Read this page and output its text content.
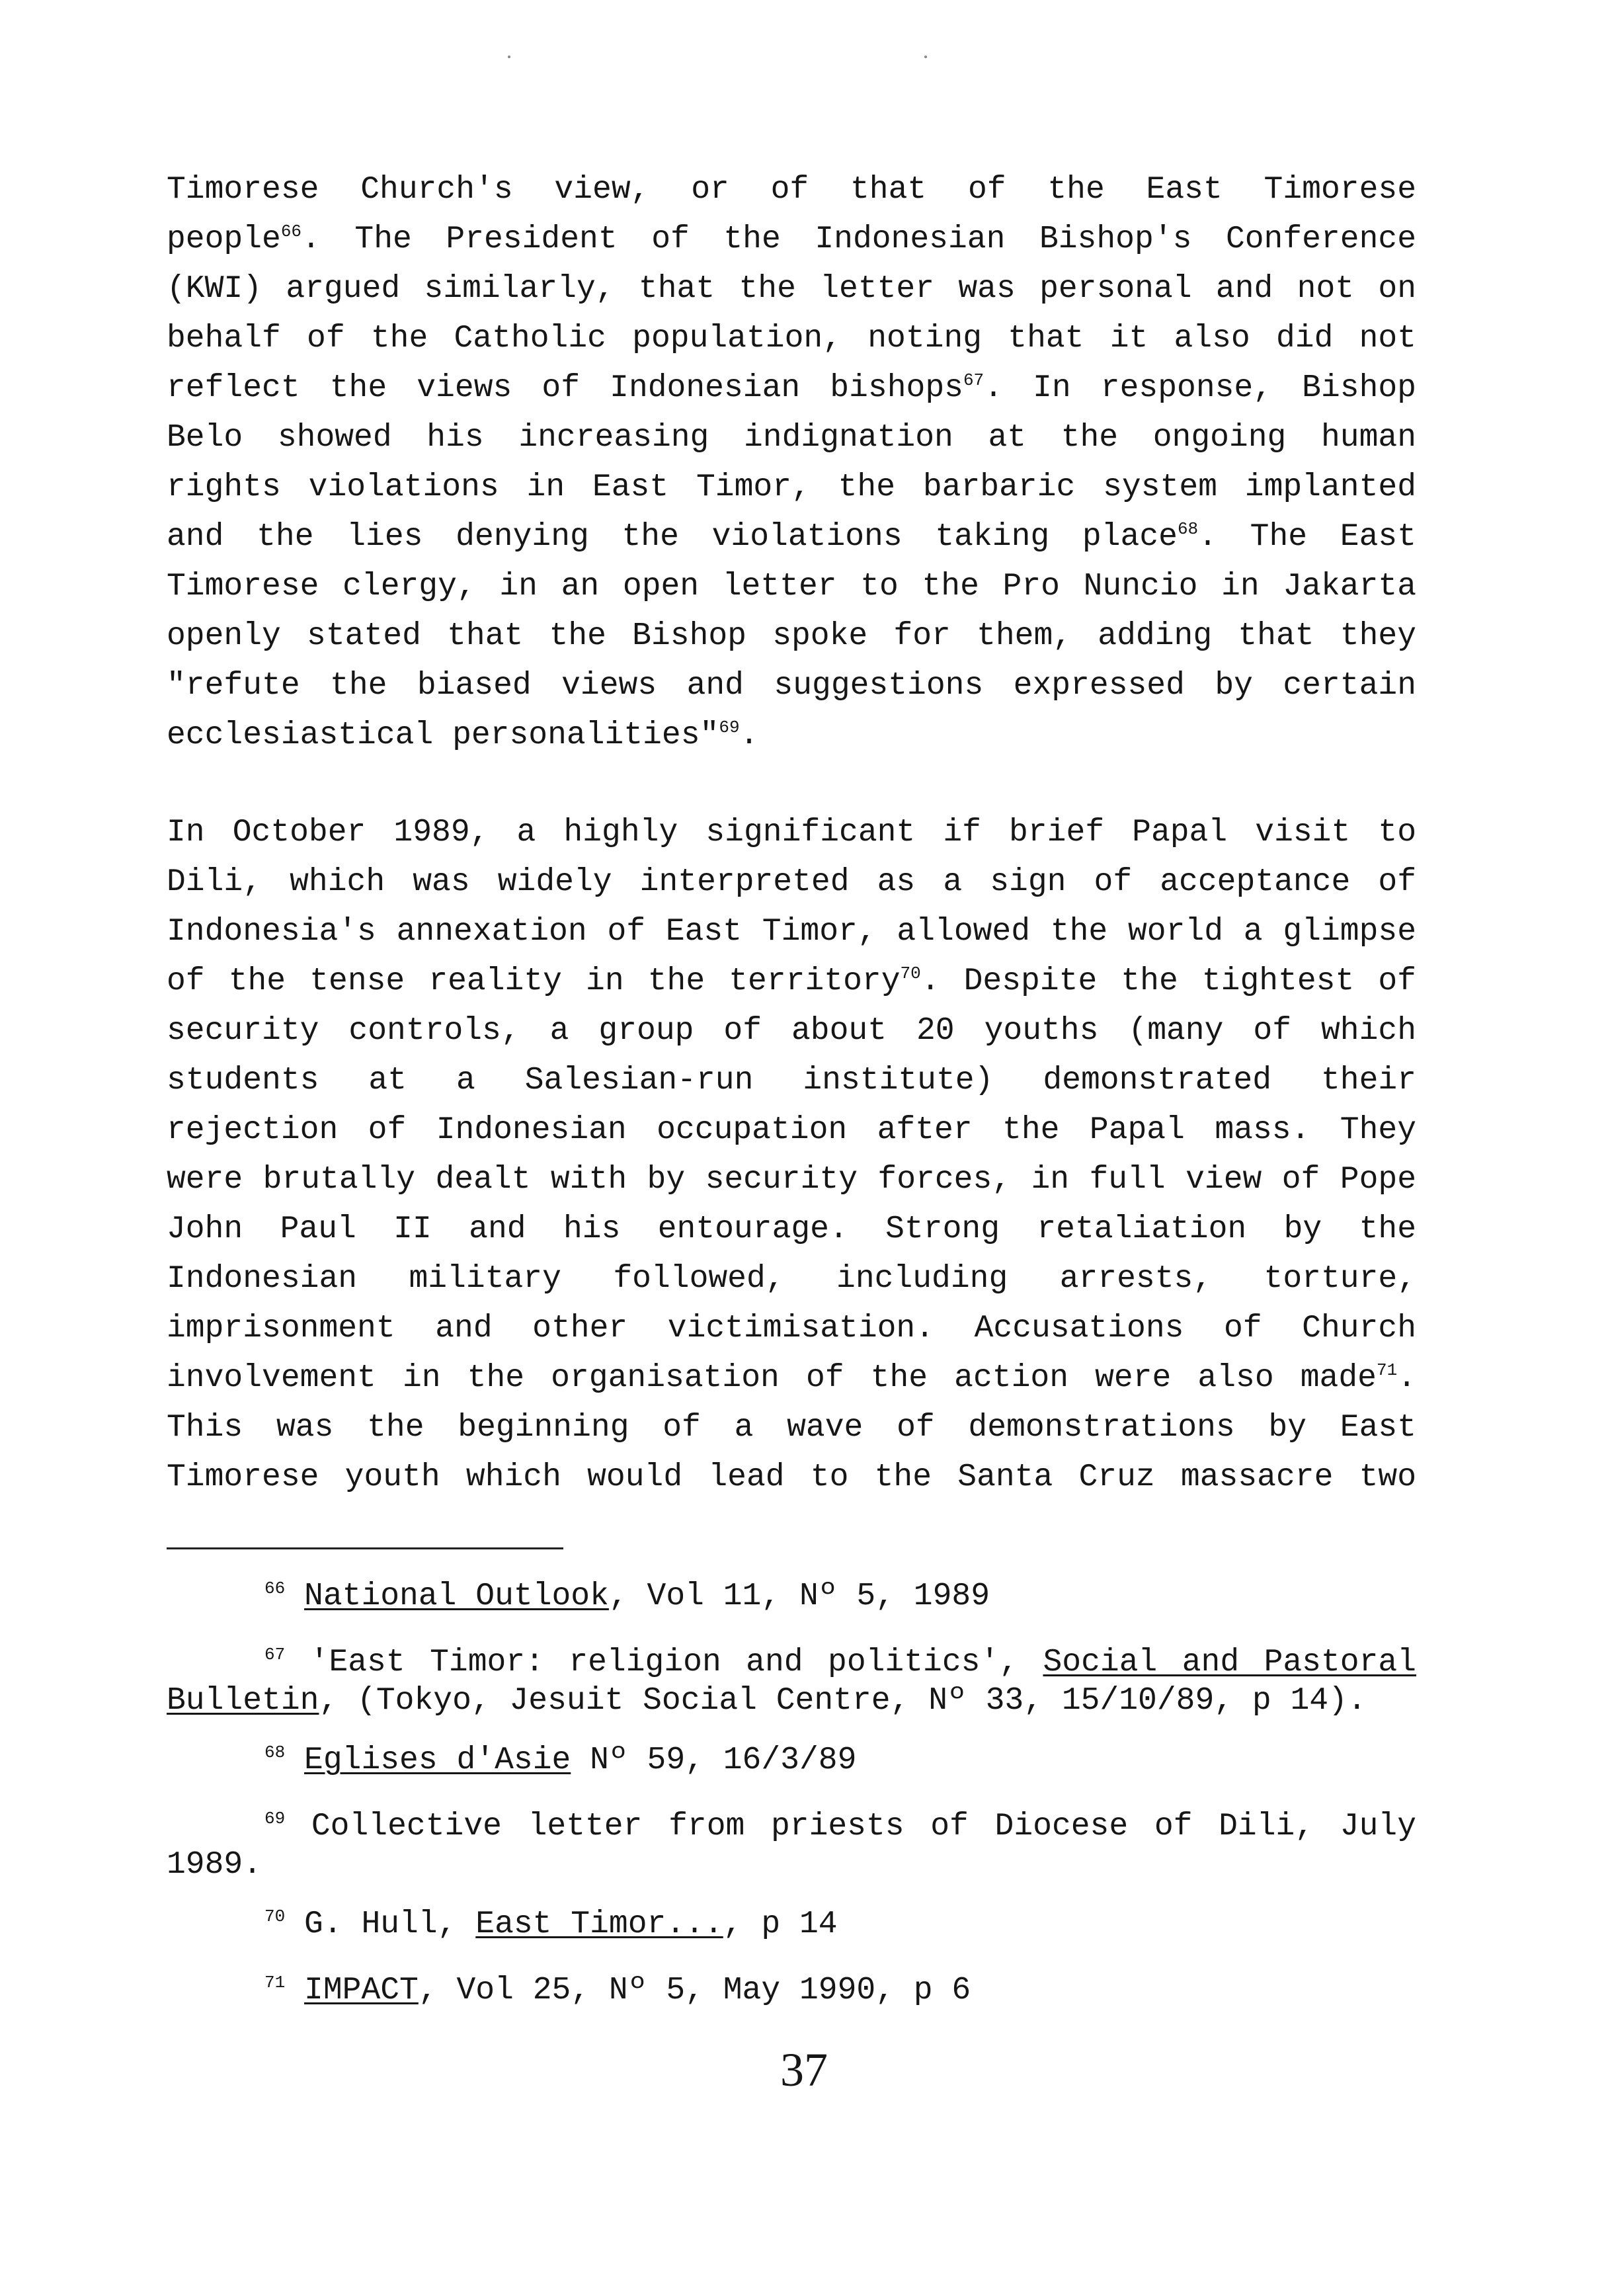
Timorese Church's view, or of that of the East Timorese
people$^{66}$. The President of the Indonesian Bishop's Conference
(KWI) argued similarly, that the letter was personal and not on
behalf of the Catholic population, noting that it also did not
reflect the views of Indonesian bishops$^{67}$. In response, Bishop
Belo showed his increasing indignation at the ongoing human
rights violations in East Timor, the barbaric system implanted
and the lies denying the violations taking place$^{68}$. The East
Timorese clergy, in an open letter to the Pro Nuncio in Jakarta
openly stated that the Bishop spoke for them, adding that they
"refute the biased views and suggestions expressed by certain
ecclesiastical personalities"$^{69}$.
In October 1989, a highly significant if brief Papal visit to
Dili, which was widely interpreted as a sign of acceptance of
Indonesia's annexation of East Timor, allowed the world a glimpse
of the tense reality in the territory$^{70}$. Despite the tightest of
security controls, a group of about 20 youths (many of which
students at a Salesian-run institute) demonstrated their
rejection of Indonesian occupation after the Papal mass. They
were brutally dealt with by security forces, in full view of Pope
John Paul II and his entourage. Strong retaliation by the
Indonesian military followed, including arrests, torture,
imprisonment and other victimisation. Accusations of Church
involvement in the organisation of the action were also made$^{71}$.
This was the beginning of a wave of demonstrations by East
Timorese youth which would lead to the Santa Cruz massacre two
$^{66}$ National Outlook, Vol 11, Nº 5, 1989
$^{67}$ 'East Timor: religion and politics', Social and Pastoral
Bulletin, (Tokyo, Jesuit Social Centre, Nº 33, 15/10/89, p 14).
$^{68}$ Eglises d'Asie Nº 59, 16/3/89
$^{69}$ Collective letter from priests of Diocese of Dili, July
1989.
$^{70}$ G. Hull, East Timor..., p 14
$^{71}$ IMPACT, Vol 25, Nº 5, May 1990, p 6
37
